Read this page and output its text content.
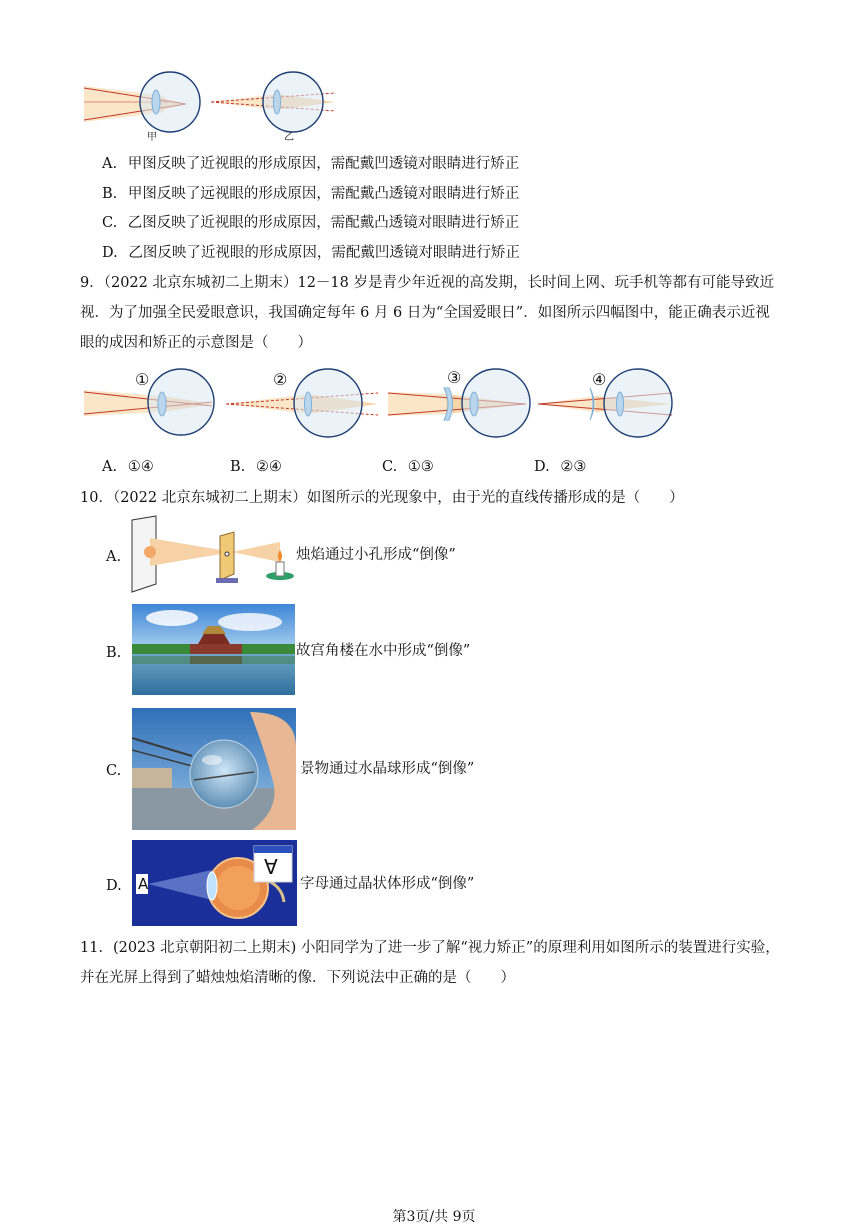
甲	乙
A. 甲图反映了近视眼的形成原因，需配戴凹透镜对眼睛进行矫正
B. 甲图反映了远视眼的形成原因，需配戴凸透镜对眼睛进行矫正
C. 乙图反映了近视眼的形成原因，需配戴凸透镜对眼睛进行矫正
D. 乙图反映了近视眼的形成原因，需配戴凹透镜对眼睛进行矫正
9．（2022 北京东城初二上期末）12－18 岁是青少年近视的高发期，长时间上网、玩手机等都有可能导致近
视．为了加强全民爱眼意识，我国确定每年 6 月 6 日为“全国爱眼日”．如图所示四幅图中，能正确表示近视
眼的成因和矫正的示意图是（　　）
①	②	③	④
A. ①④	B. ②④	C. ①③	D. ②③
10．（2022 北京东城初二上期末）如图所示的光现象中，由于光的直线传播形成的是（　　）
A.	烛焰通过小孔形成“倒像”
B.	故宫角楼在水中形成“倒像”
C.	景物通过水晶球形成“倒像”
D. A
A
字母通过晶状体形成“倒像”
11．(2023 北京朝阳初二上期末) 小阳同学为了进一步了解“视力矫正”的原理利用如图所示的装置进行实验，
并在光屏上得到了蜡烛烛焰清晰的像．下列说法中正确的是（　　）
第3页/共 9页
